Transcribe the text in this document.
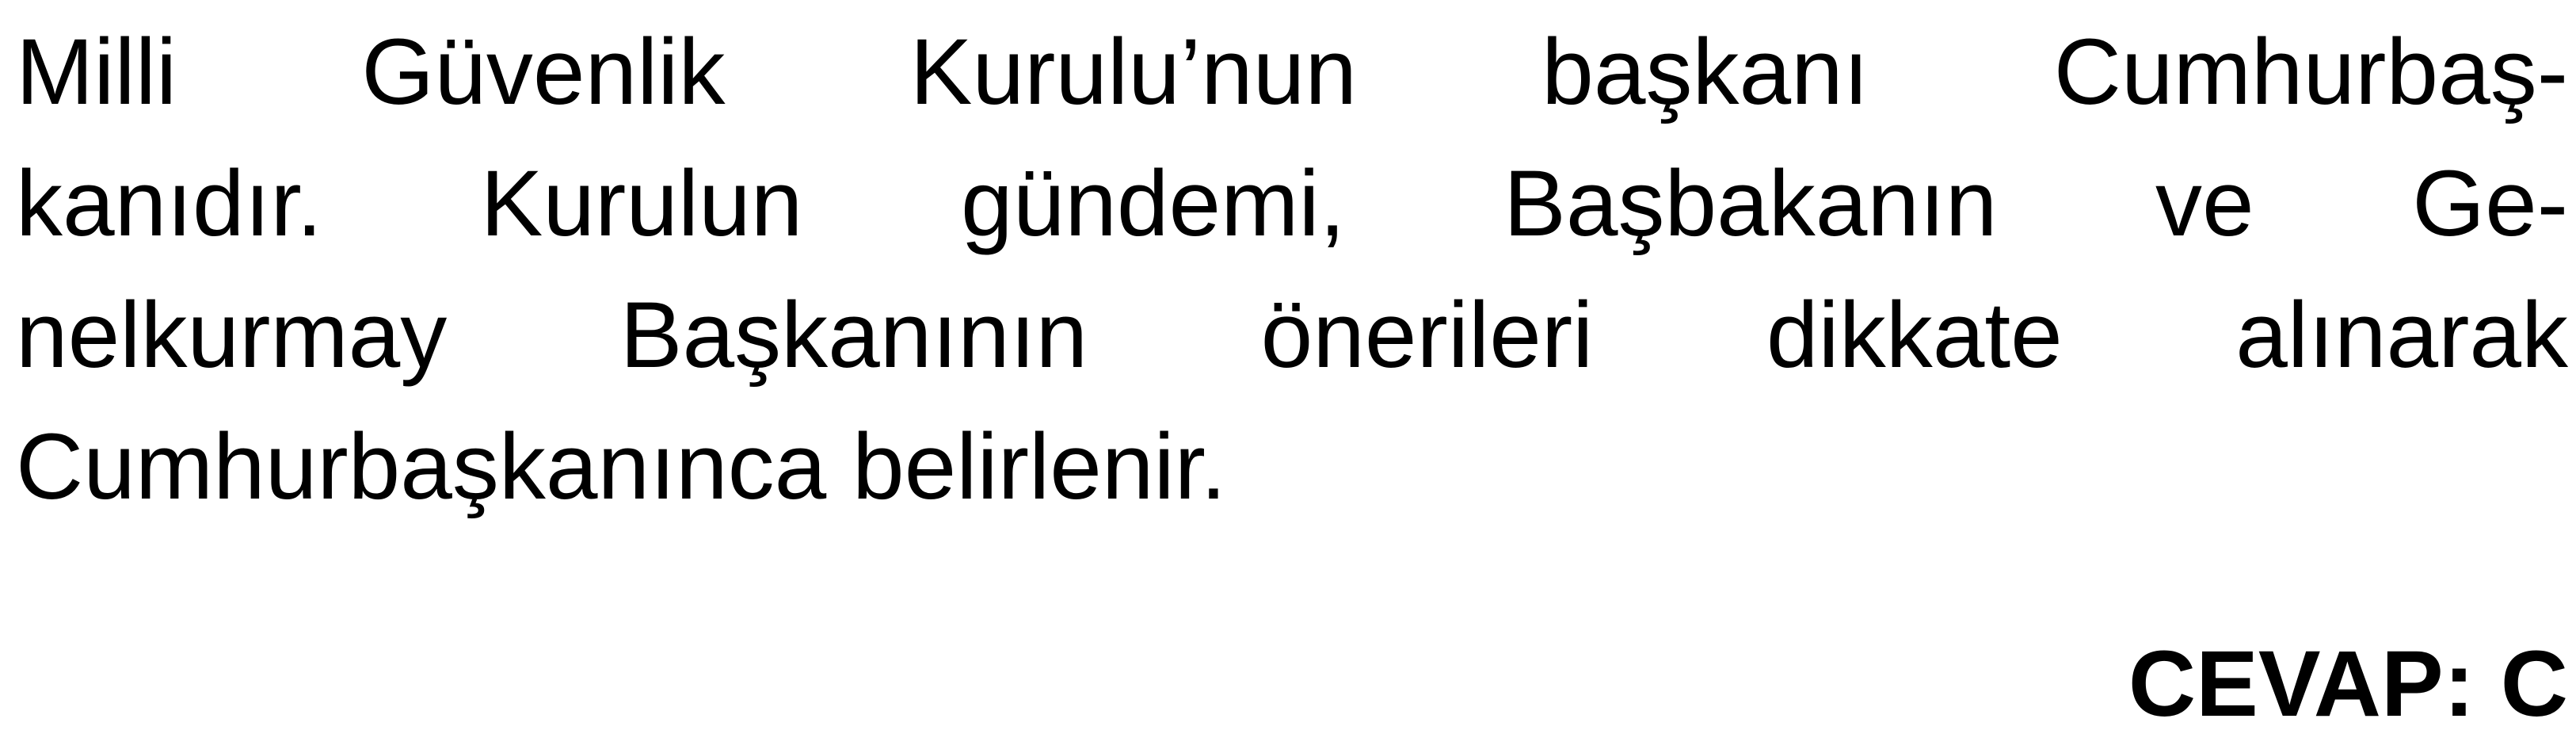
Milli Güvenlik Kurulu’nun başkanı Cumhurbaş-
kanıdır. Kurulun gündemi, Başbakanın ve Ge-
nelkurmay Başkanının önerileri dikkate alınarak
Cumhurbaşkanınca belirlenir.
CEVAP: C
